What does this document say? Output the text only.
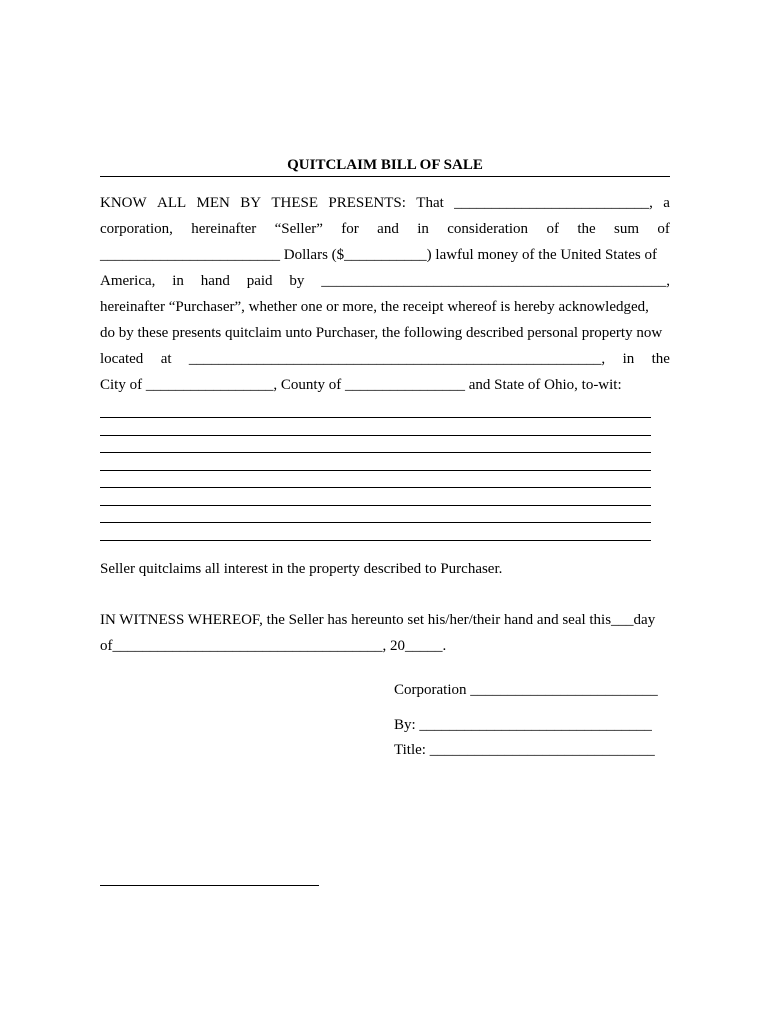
QUITCLAIM BILL OF SALE
KNOW ALL MEN BY THESE PRESENTS: That __________________________, a
corporation, hereinafter “Seller” for and in consideration of the sum of
________________________ Dollars ($___________) lawful money of the United States of
America, in hand paid by ______________________________________________,
hereinafter “Purchaser”, whether one or more, the receipt whereof is hereby acknowledged,
do by these presents quitclaim unto Purchaser, the following described personal property now
located at _______________________________________________________, in the
City of _________________, County of ________________ and State of Ohio, to-wit:
Seller quitclaims all interest in the property described to Purchaser.
IN WITNESS WHEREOF, the Seller has hereunto set his/her/their hand and seal this___day
of____________________________________, 20_____.
Corporation _________________________
By: _______________________________
Title: ______________________________
